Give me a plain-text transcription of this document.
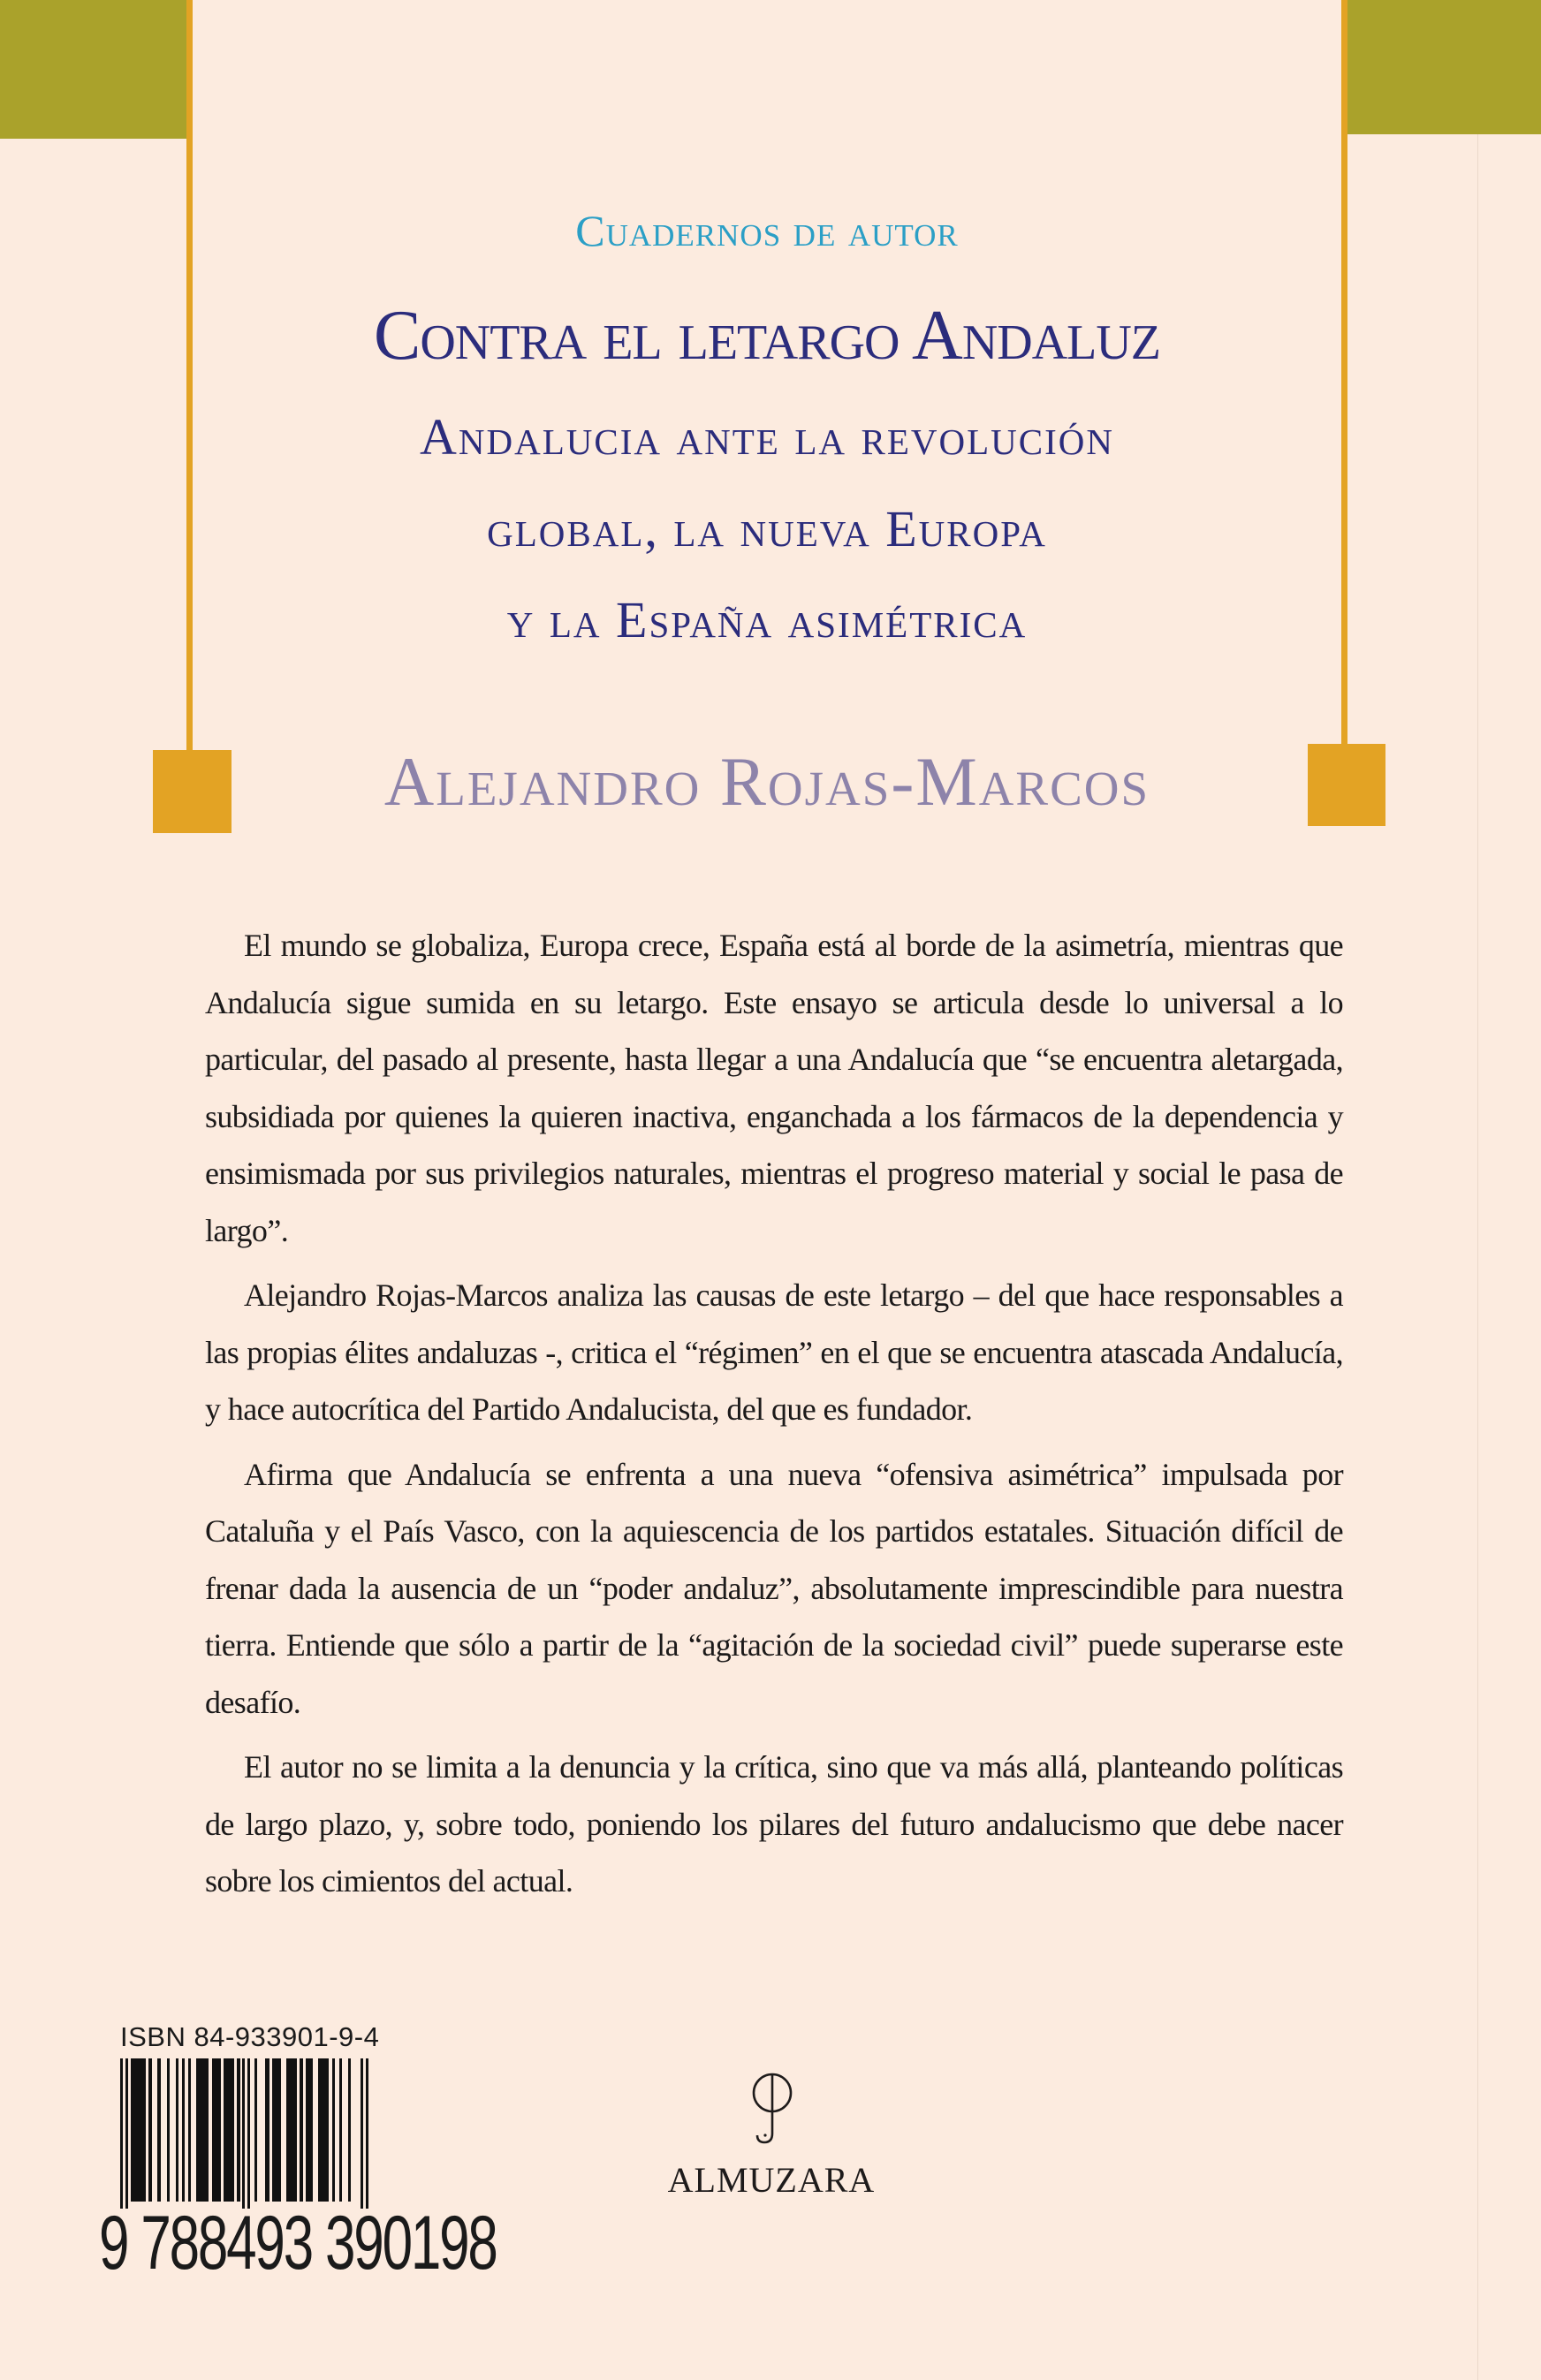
Cuadernos de autor
Contra el letargo Andaluz
Andalucia ante la revolución
global, la nueva Europa
y la España asimétrica
Alejandro Rojas-Marcos

El mundo se globaliza, Europa crece, España está al borde de la asimetría, mientras que Andalucía sigue sumida en su letargo. Este ensayo se articula desde lo universal a lo particular, del pasado al presente, hasta llegar a una Andalucía que “se encuentra aletargada, subsidiada por quienes la quieren inactiva, enganchada a los fármacos de la dependencia y ensimismada por sus privilegios naturales, mientras el progreso material y social le pasa de largo”.

Alejandro Rojas-Marcos analiza las causas de este letargo – del que hace responsables a las propias élites andaluzas -, critica el “régimen” en el que se encuentra atascada Andalucía, y hace autocrítica del Partido Andalucista, del que es fundador.

Afirma que Andalucía se enfrenta a una nueva “ofensiva asimétrica” impulsada por Cataluña y el País Vasco, con la aquiescencia de los partidos estatales. Situación difícil de frenar dada la ausencia de un “poder andaluz”, absolutamente imprescindible para nuestra tierra. Entiende que sólo a partir de la “agitación de la sociedad civil” puede superarse este desafío.

El autor no se limita a la denuncia y la crítica, sino que va más allá, planteando políticas de largo plazo, y, sobre todo, poniendo los pilares del futuro andalucismo que debe nacer sobre los cimientos del actual.

ISBN 84-933901-9-4
9 788493 390198
ALMUZARA
